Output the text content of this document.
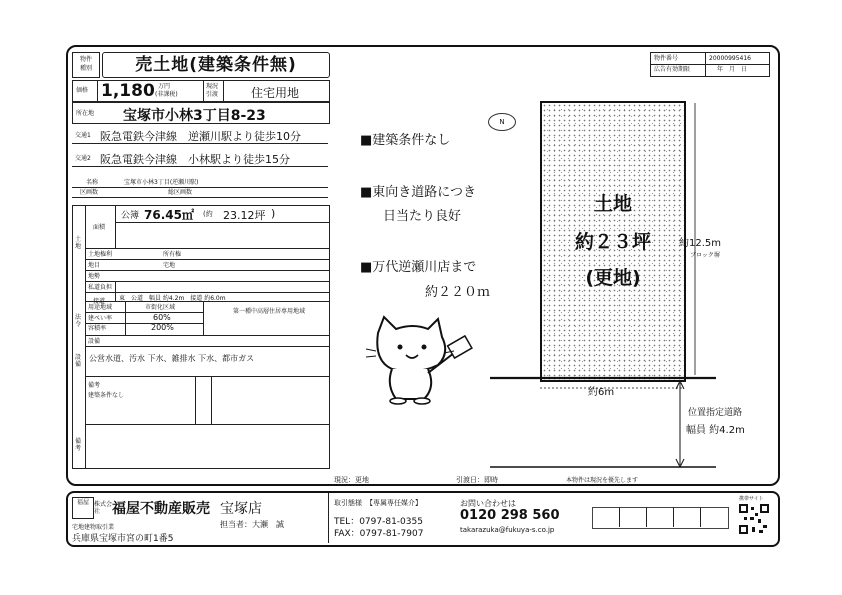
物件
種別	売土地(建築条件無)	物件番号	20000995416
広告有効期限	年　月　日
価格 1,180 万円
(非課税)
現況
引渡	住宅用地
所在地 宝塚市小林3丁目8-23
交通1 阪急電鉄今津線　逆瀬川駅より徒歩10分
交通2 阪急電鉄今津線　小林駅より徒歩15分
名称	宝塚市小林3丁目(逆瀬川駅)
区画数	総区画数
面積
公簿 76.45㎡ (約 23.12坪 )
土地権利	所有権
地目	宅地
地勢
私道負担
接道 東　公道　幅員 約4.2m　接道 約6.0m
用途地域	市街化区域
建ぺい率	60%
容積率	200%
第一種中高層住居専用地域
設備
公営水道、汚水 下水、雑排水 下水、都市ガス
備考
建築条件なし
土地
法令
設備
備考
■建築条件なし
■東向き道路につき
日当たり良好
■万代逆瀬川店まで
約２２０ｍ
N
土地
約２３坪
(更地)
約12.5m
ブロック塀
約6m
位置指定道路
幅員 約4.2m
現況：更地	引渡日：即時	本物件は現況を優先します
福屋 株式会社 福屋不動産販売 宝塚店
宅地建物取引業	担当者：大瀬　誠
兵庫県宝塚市宮の町1番5
取引態様 【専属専任媒介】
TEL：0797-81-0355
FAX：0797-81-7907
お問い合わせは
0120 298 560
takarazuka@fukuya-s.co.jp
携帯サイト
